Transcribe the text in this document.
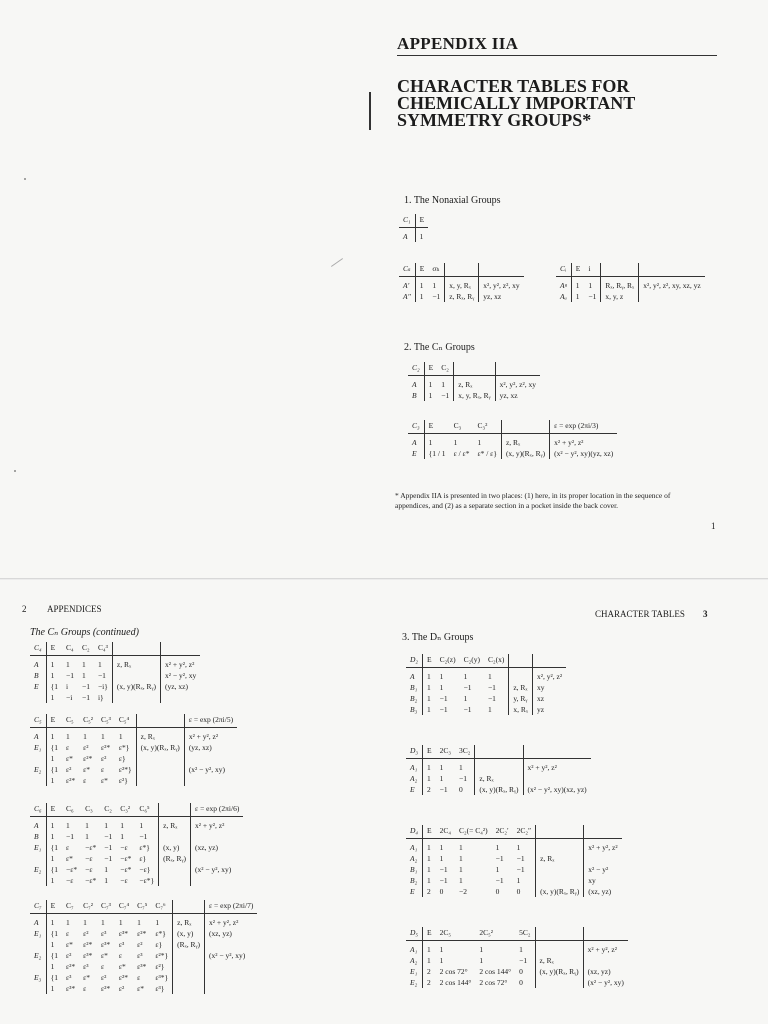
APPENDIX IIA
CHARACTER TABLES FOR
CHEMICALLY IMPORTANT
SYMMETRY GROUPS*
1. The Nonaxial Groups
C₁	E
A	1
Cₛ	E	σₕ		
A′	1	1	x, y, Rₓ	x², y², z², xy
A″	1	−1	z, Rₓ, Rᵧ	yz, xz
Cᵢ	E	i		
Aᵍ	1	1	Rₓ, Rᵧ, Rₓ	x², y², z², xy, xz, yz
Aᵤ	1	−1	x, y, z	
2. The Cₙ Groups
C₂	E	C₂		
A	1	1	z, Rₓ	x², y², z², xy
B	1	−1	x, y, Rₓ, Rᵧ	yz, xz
C₃	E	C₃	C₃²		ε = exp (2πi/3)
A	1	1	1	z, Rₓ	x² + y², z²
E	{1 / 1	ε / ε*	ε* / ε}	(x, y)(Rₓ, Rᵧ)	(x² − y², xy)(yz, xz)
* Appendix IIA is presented in two places: (1) here, in its proper location in the sequence of
appendices, and (2) as a separate section in a pocket inside the back cover.
1
2 APPENDICES	CHARACTER TABLES 3
The Cₙ Groups (continued)
C₄	E	C₄	C₂	C₄³		
A	1	1	1	1	z, Rₓ	x² + y², z²
B	1	−1	1	−1		x² − y², xy
E	{1	i	−1	−i}	(x, y)(Rₓ, Rᵧ)	(yz, xz)
	1	−i	−1	i}		
C₅	E	C₅	C₅²	C₅³	C₅⁴		ε = exp (2πi/5)
A	1	1	1	1	1	z, Rₓ	x² + y², z²
E₁	{1	ε	ε²	ε²*	ε*}	(x, y)(Rₓ, Rᵧ)	(yz, xz)
	1	ε*	ε²*	ε²	ε}		
E₂	{1	ε²	ε*	ε	ε²*}		(x² − y², xy)
	1	ε²*	ε	ε*	ε²}		
C₆	E	C₆	C₃	C₂	C₃²	C₆⁵		ε = exp (2πi/6)
A	1	1	1	1	1	1	z, Rₓ	x² + y², z²
B	1	−1	1	−1	1	−1		
E₁	{1	ε	−ε*	−1	−ε	ε*}	(x, y)	(xz, yz)
	1	ε*	−ε	−1	−ε*	ε}	(Rₓ, Rᵧ)	
E₂	{1	−ε*	−ε	1	−ε*	−ε}		(x² − y², xy)
	1	−ε	−ε*	1	−ε	−ε*}		
C₇	E	C₇	C₇²	C₇³	C₇⁴	C₇⁵	C₇⁶		ε = exp (2πi/7)
A	1	1	1	1	1	1	1	z, Rₓ	x² + y², z²
E₁	{1	ε	ε²	ε³	ε³*	ε²*	ε*}	(x, y)	(xz, yz)
	1	ε*	ε²*	ε³*	ε³	ε²	ε}	(Rₓ, Rᵧ)	
E₂	{1	ε²	ε³*	ε*	ε	ε³	ε²*}		(x² − y², xy)
	1	ε²*	ε³	ε	ε*	ε³*	ε²}		
E₃	{1	ε³	ε*	ε²	ε²*	ε	ε³*}		
	1	ε³*	ε	ε²*	ε²	ε*	ε³}		
3. The Dₙ Groups
D₂	E	C₂(z)	C₂(y)	C₂(x)		
A	1	1	1	1		x², y², z²
B₁	1	1	−1	−1	z, Rₓ	xy
B₂	1	−1	1	−1	y, Rᵧ	xz
B₃	1	−1	−1	1	x, Rₓ	yz
D₃	E	2C₃	3C₂		
A₁	1	1	1		x² + y², z²
A₂	1	1	−1	z, Rₓ	
E	2	−1	0	(x, y)(Rₓ, Rᵧ)	(x² − y², xy)(xz, yz)
D₄	E	2C₄	C₂(= C₄²)	2C₂′	2C₂″		
A₁	1	1	1	1	1		x² + y², z²
A₂	1	1	1	−1	−1	z, Rₓ	
B₁	1	−1	1	1	−1		x² − y²
B₂	1	−1	1	−1	1		xy
E	2	0	−2	0	0	(x, y)(Rₓ, Rᵧ)	(xz, yz)
D₅	E	2C₅	2C₅²	5C₂		
A₁	1	1	1	1		x² + y², z²
A₂	1	1	1	−1	z, Rₓ	
E₁	2	2 cos 72°	2 cos 144°	0	(x, y)(Rₓ, Rᵧ)	(xz, yz)
E₂	2	2 cos 144°	2 cos 72°	0		(x² − y², xy)
